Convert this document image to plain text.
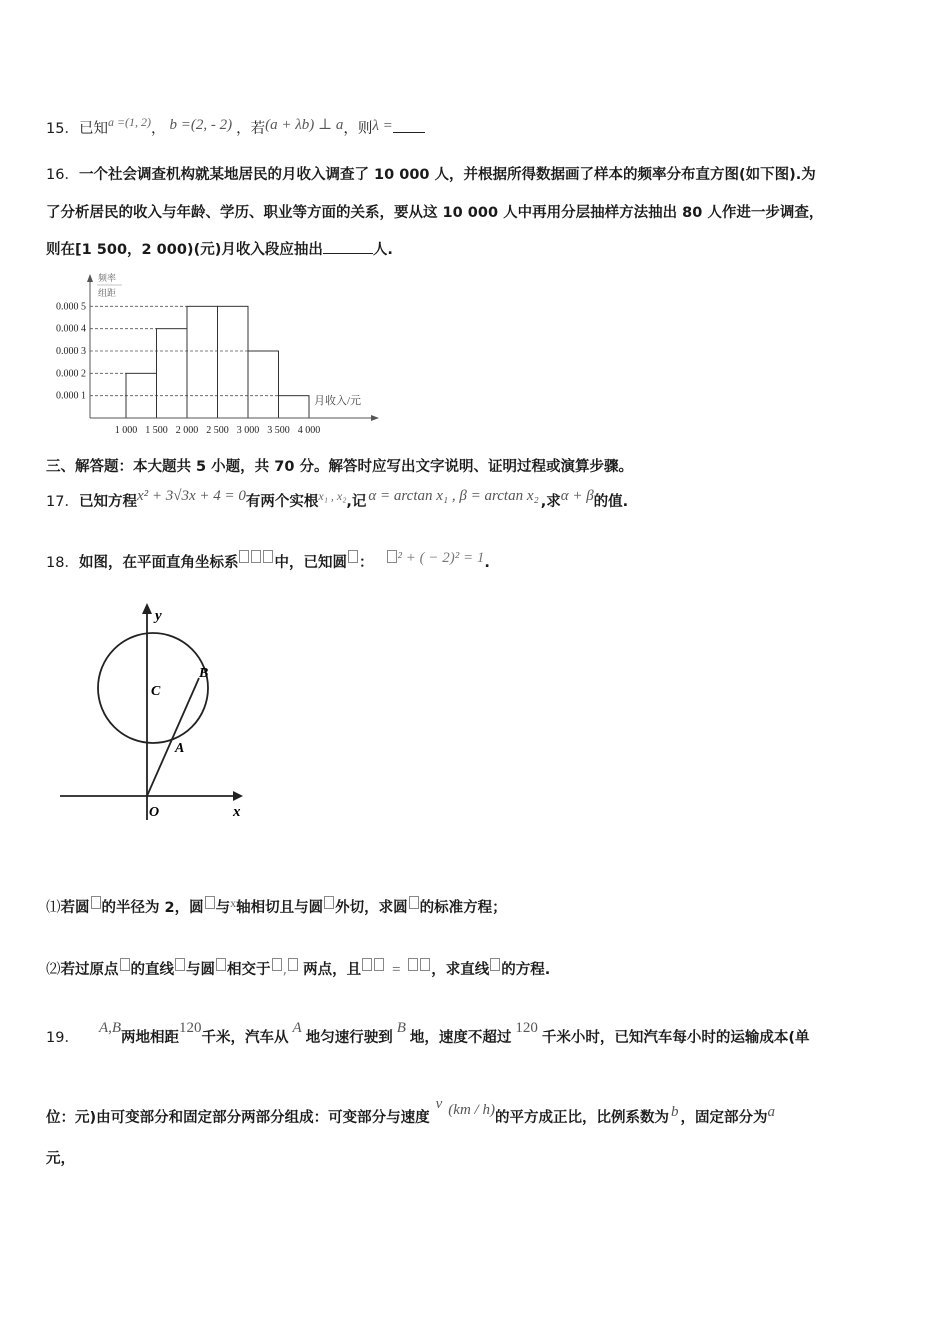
15．已知$^{a =(1, 2)}$， b =(2, - 2) ，若(a + λb) ⊥ a，则λ =
16．一个社会调查机构就某地居民的月收入调查了 10 000 人，并根据所得数据画了样本的频率分布直方图(如下图).为
了分析居民的收入与年龄、学历、职业等方面的关系，要从这 10 000 人中再用分层抽样方法抽出 80 人作进一步调查，
则在[1 500，2 000)(元)月收入段应抽出	人.
0.000 1
0.000 2
0.000 3
0.000 4
0.000 5
1 000 1 500 2 000 2 500 3 000 3 500 4 000
频率
组距
月收入/元
三、解答题：本大题共 5 小题，共 70 分。解答时应写出文字说明、证明过程或演算步骤。
17．已知方程x² + 3√3x + 4 = 0有两个实根$^{x_1 , x_2}$,记 α = arctan x₁ , β = arctan x₂ ,求α + β的值.
18．如图，在平面直角坐标系 中，已知圆 ： ² + ( − 2)² = 1.
y
x
O
C
A
B
⑴若圆 的半径为 2，圆 与$^x$轴相切且与圆 外切，求圆 的标准方程；
⑵若过原点 的直线 与圆 相交于 , 两点，且 = ，求直线 的方程.
19．A,B两地相距120千米，汽车从A地匀速行驶到B地，速度不超过120千米小时，已知汽车每小时的运输成本(单
位：元)由可变部分和固定部分两部分组成：可变部分与速度v (km / h)的平方成正比，比例系数为 b ，固定部分为a
元，
